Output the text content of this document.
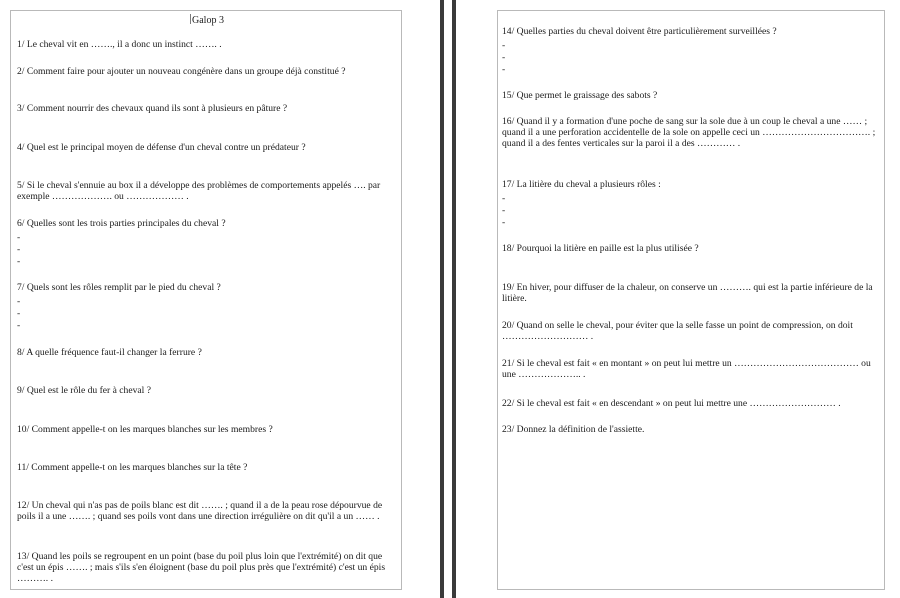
Galop 3
1/ Le cheval vit en ……., il a donc un instinct ……. .
2/ Comment faire pour ajouter un nouveau congénère dans un groupe déjà constitué ?
3/ Comment nourrir des chevaux quand ils sont à plusieurs en pâture ?
4/ Quel est le principal moyen de défense d'un cheval contre un prédateur ?
5/ Si le cheval s'ennuie au box il a développe des problèmes de comportements appelés …. par exemple ………………. ou ……………… .
6/ Quelles sont les trois parties principales du cheval ?
-
-
-
7/ Quels sont les rôles remplit par le pied du cheval ?
-
-
-
8/ A quelle fréquence faut-il changer la ferrure ?
9/ Quel est le rôle du fer à cheval ?
10/ Comment appelle-t on les marques blanches sur les membres ?
11/ Comment appelle-t on les marques blanches sur la tête ?
12/ Un cheval qui n'as pas de poils blanc est dit ……. ; quand il a de la peau rose dépourvue de poils il a une ……. ; quand ses poils vont dans une direction irrégulière on dit qu'il a un …… .
13/ Quand les poils se regroupent en un point (base du poil plus loin que l'extrémité) on dit que c'est un épis ……. ; mais s'ils s'en éloignent (base du poil plus près que l'extrémité) c'est un épis ………. .
14/ Quelles parties du cheval doivent être particulièrement surveillées ?
-
-
-
15/ Que permet le graissage des sabots ?
16/ Quand il y a formation d'une poche de sang sur la sole due à un coup le cheval a une …… ; quand il a une perforation accidentelle de la sole on appelle ceci un ……………………………. ; quand il a des fentes verticales sur la paroi il a des ………… .
17/ La litière du cheval a plusieurs rôles :
-
-
-
18/ Pourquoi la litière en paille est la plus utilisée ?
19/ En hiver, pour diffuser de la chaleur, on conserve un ………. qui est la partie inférieure de la litière.
20/ Quand on selle le cheval, pour éviter que la selle fasse un point de compression, on doit ……………………… .
21/ Si le cheval est fait « en montant » on peut lui mettre un ………………………………… ou une ……………….. .
22/ Si le cheval est fait « en descendant » on peut lui mettre une ……………………… .
23/ Donnez la définition de l'assiette.
